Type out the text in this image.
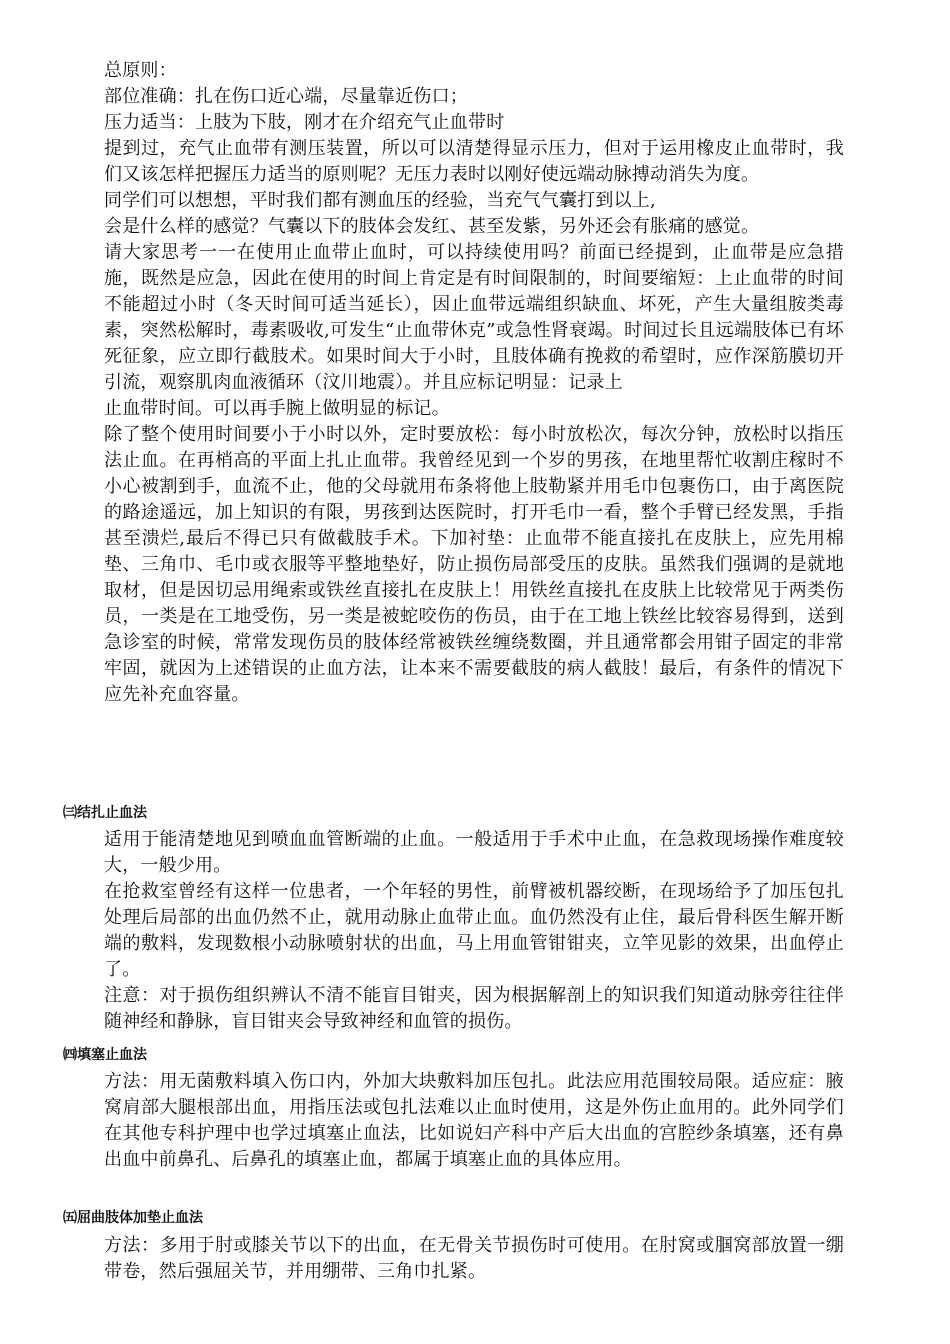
总原则：

部位准确：扎在伤口近心端，尽量靠近伤口；

压力适当：上肢为下肢，刚才在介绍充气止血带时

提到过，充气止血带有测压装置，所以可以清楚得显示压力，但对于运用橡皮止血带时，我们又该怎样把握压力适当的原则呢？无压力表时以刚好使远端动脉搏动消失为度。

同学们可以想想，平时我们都有测血压的经验，当充气气囊打到以上,

会是什么样的感觉？气囊以下的肢体会发红、甚至发紫，另外还会有胀痛的感觉。

请大家思考一一在使用止血带止血时，可以持续使用吗？前面已经提到，止血带是应急措施，既然是应急，因此在使用的时间上肯定是有时间限制的，时间要缩短：上止血带的时间不能超过小时（冬天时间可适当延长），因止血带远端组织缺血、坏死，产生大量组胺类毒素，突然松解时，毒素吸收,可发生“止血带休克”或急性肾衰竭。时间过长且远端肢体已有坏死征象，应立即行截肢术。如果时间大于小时，且肢体确有挽救的希望时，应作深筋膜切开引流，观察肌肉血液循环（汶川地震）。并且应标记明显：记录上

止血带时间。可以再手腕上做明显的标记。

除了整个使用时间要小于小时以外，定时要放松：每小时放松次，每次分钟，放松时以指压法止血。在再梢高的平面上扎止血带。我曾经见到一个岁的男孩，在地里帮忙收割庄稼时不小心被割到手，血流不止，他的父母就用布条将他上肢勒紧并用毛巾包裹伤口，由于离医院的路途遥远，加上知识的有限，男孩到达医院时，打开毛巾一看，整个手臂已经发黑，手指甚至溃烂,最后不得已只有做截肢手术。下加衬垫：止血带不能直接扎在皮肤上，应先用棉垫、三角巾、毛巾或衣服等平整地垫好，防止损伤局部受压的皮肤。虽然我们强调的是就地取材，但是因切忌用绳索或铁丝直接扎在皮肤上！用铁丝直接扎在皮肤上比较常见于两类伤员，一类是在工地受伤，另一类是被蛇咬伤的伤员，由于在工地上铁丝比较容易得到，送到急诊室的时候，常常发现伤员的肢体经常被铁丝缠绕数圈，并且通常都会用钳子固定的非常牢固，就因为上述错误的止血方法，让本来不需要截肢的病人截肢！最后，有条件的情况下应先补充血容量。

㈢结扎止血法

适用于能清楚地见到喷血血管断端的止血。一般适用于手术中止血，在急救现场操作难度较大，一般少用。

在抢救室曾经有这样一位患者，一个年轻的男性，前臂被机器绞断，在现场给予了加压包扎处理后局部的出血仍然不止，就用动脉止血带止血。血仍然没有止住，最后骨科医生解开断端的敷料，发现数根小动脉喷射状的出血，马上用血管钳钳夹，立竿见影的效果，出血停止了。

注意：对于损伤组织辨认不清不能盲目钳夹，因为根据解剖上的知识我们知道动脉旁往往伴随神经和静脉，盲目钳夹会导致神经和血管的损伤。

㈣填塞止血法

方法：用无菌敷料填入伤口内，外加大块敷料加压包扎。此法应用范围较局限。适应症：腋窝肩部大腿根部出血，用指压法或包扎法难以止血时使用，这是外伤止血用的。此外同学们在其他专科护理中也学过填塞止血法，比如说妇产科中产后大出血的宫腔纱条填塞，还有鼻出血中前鼻孔、后鼻孔的填塞止血，都属于填塞止血的具体应用。

㈤屈曲肢体加垫止血法

方法：多用于肘或膝关节以下的出血，在无骨关节损伤时可使用。在肘窝或腘窝部放置一绷带卷，然后强屈关节，并用绷带、三角巾扎紧。
